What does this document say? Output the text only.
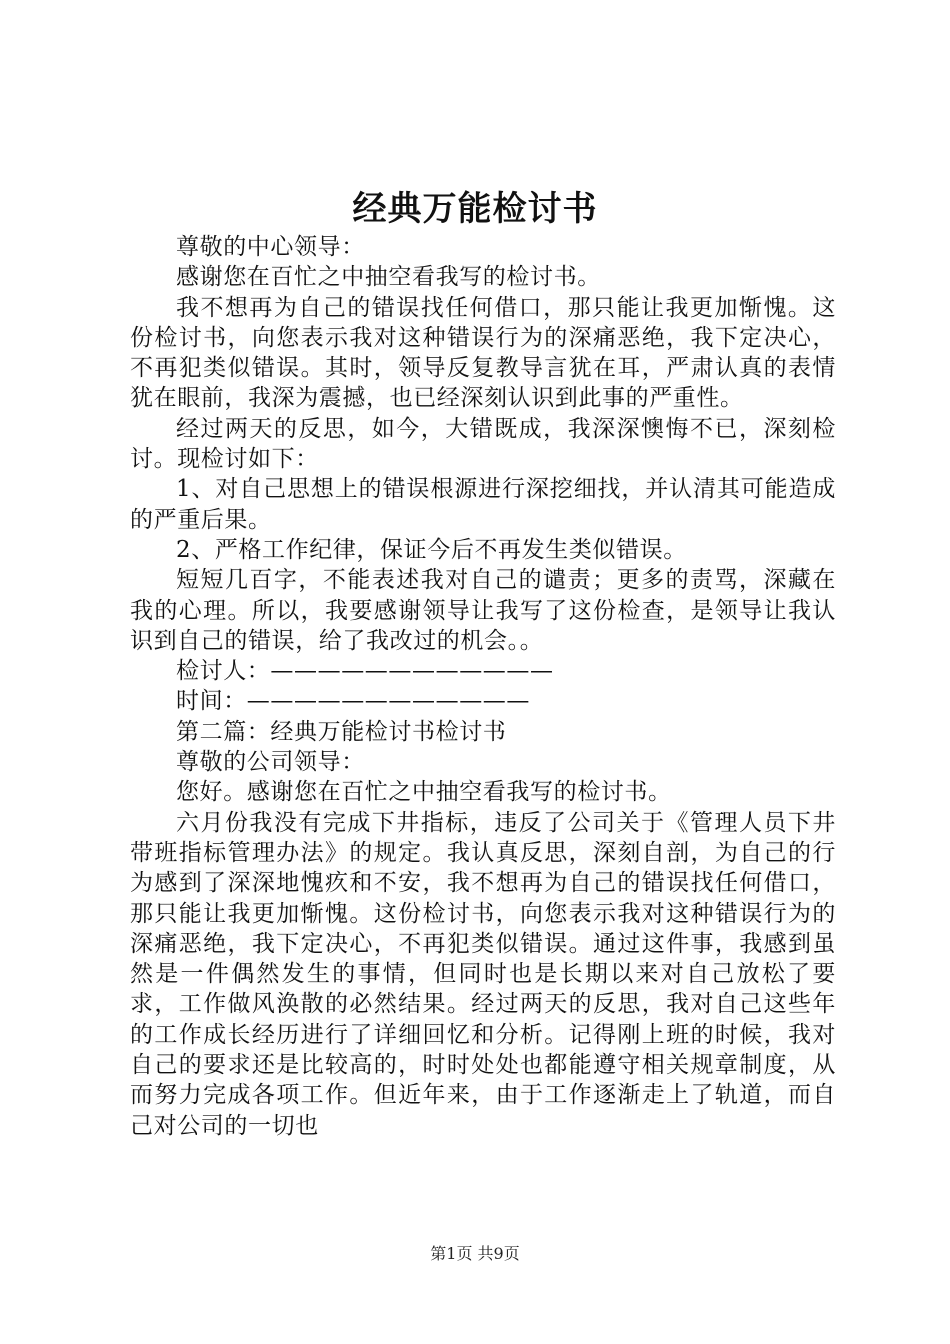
经典万能检讨书

尊敬的中心领导：

感谢您在百忙之中抽空看我写的检讨书。

我不想再为自己的错误找任何借口，那只能让我更加惭愧。这份检讨书，向您表示我对这种错误行为的深痛恶绝，我下定决心，不再犯类似错误。其时，领导反复教导言犹在耳，严肃认真的表情犹在眼前，我深为震撼，也已经深刻认识到此事的严重性。

经过两天的反思，如今，大错既成，我深深懊悔不已，深刻检讨。现检讨如下：

1、对自己思想上的错误根源进行深挖细找，并认清其可能造成的严重后果。

2、严格工作纪律，保证今后不再发生类似错误。

短短几百字，不能表述我对自己的谴责；更多的责骂，深藏在我的心理。所以，我要感谢领导让我写了这份检查，是领导让我认识到自己的错误，给了我改过的机会。。

检讨人：————————————

时间：————————————

第二篇：经典万能检讨书检讨书

尊敬的公司领导：

您好。感谢您在百忙之中抽空看我写的检讨书。

六月份我没有完成下井指标，违反了公司关于《管理人员下井带班指标管理办法》的规定。我认真反思，深刻自剖，为自己的行为感到了深深地愧疚和不安，我不想再为自己的错误找任何借口，那只能让我更加惭愧。这份检讨书，向您表示我对这种错误行为的深痛恶绝，我下定决心，不再犯类似错误。通过这件事，我感到虽然是一件偶然发生的事情，但同时也是长期以来对自己放松了要求，工作做风涣散的必然结果。经过两天的反思，我对自己这些年的工作成长经历进行了详细回忆和分析。记得刚上班的时候，我对自己的要求还是比较高的，时时处处也都能遵守相关规章制度，从而努力完成各项工作。但近年来，由于工作逐渐走上了轨道，而自己对公司的一切也

第1页 共9页
